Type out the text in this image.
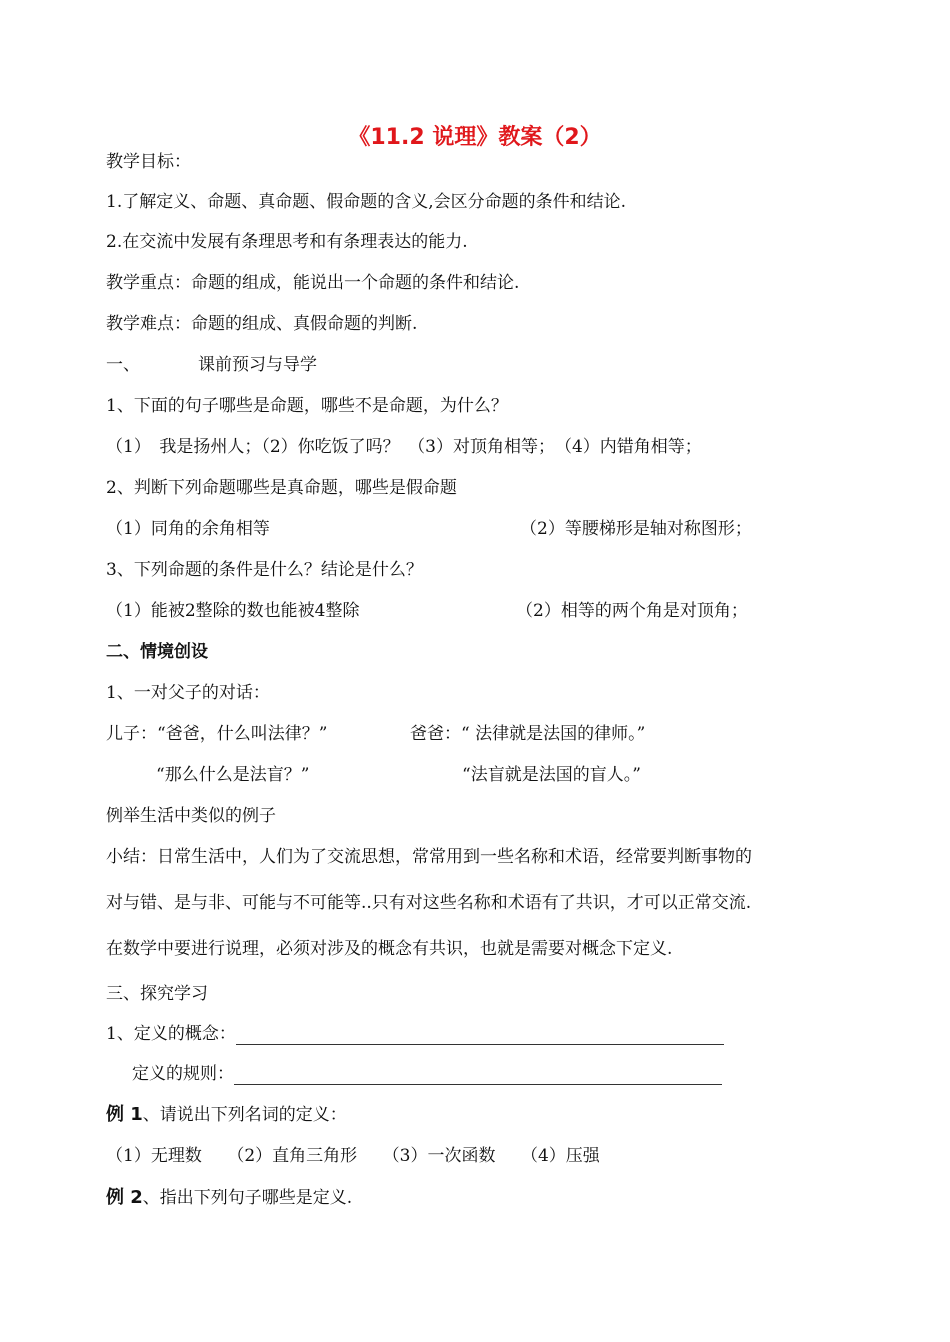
《11.2 说理》教案（2）
教学目标：
1.了解定义、命题、真命题、假命题的含义,会区分命题的条件和结论.
2.在交流中发展有条理思考和有条理表达的能力.
教学重点：命题的组成，能说出一个命题的条件和结论.
教学难点：命题的组成、真假命题的判断.
一、	课前预习与导学
1、下面的句子哪些是命题，哪些不是命题，为什么？
（1）　我是扬州人；（2）你吃饭了吗？　（3）对顶角相等；　（4）内错角相等；
2、判断下列命题哪些是真命题，哪些是假命题
（1）同角的余角相等	（2）等腰梯形是轴对称图形；
3、下列命题的条件是什么？结论是什么？
（1）能被2整除的数也能被4整除	（2）相等的两个角是对顶角；
二、情境创设
1、一对父子的对话：
儿子：“爸爸，什么叫法律？”	爸爸：“ 法律就是法国的律师。”
“那么什么是法盲？”	“法盲就是法国的盲人。”
例举生活中类似的例子
小结：日常生活中，人们为了交流思想，常常用到一些名称和术语，经常要判断事物的
对与错、是与非、可能与不可能等..只有对这些名称和术语有了共识，才可以正常交流.
在数学中要进行说理，必须对涉及的概念有共识，也就是需要对概念下定义.
三、探究学习
1、定义的概念：
定义的规则：
例 1、请说出下列名词的定义：
（1）无理数　　（2）直角三角形　　（3）一次函数　　（4）压强
例 2、指出下列句子哪些是定义.
